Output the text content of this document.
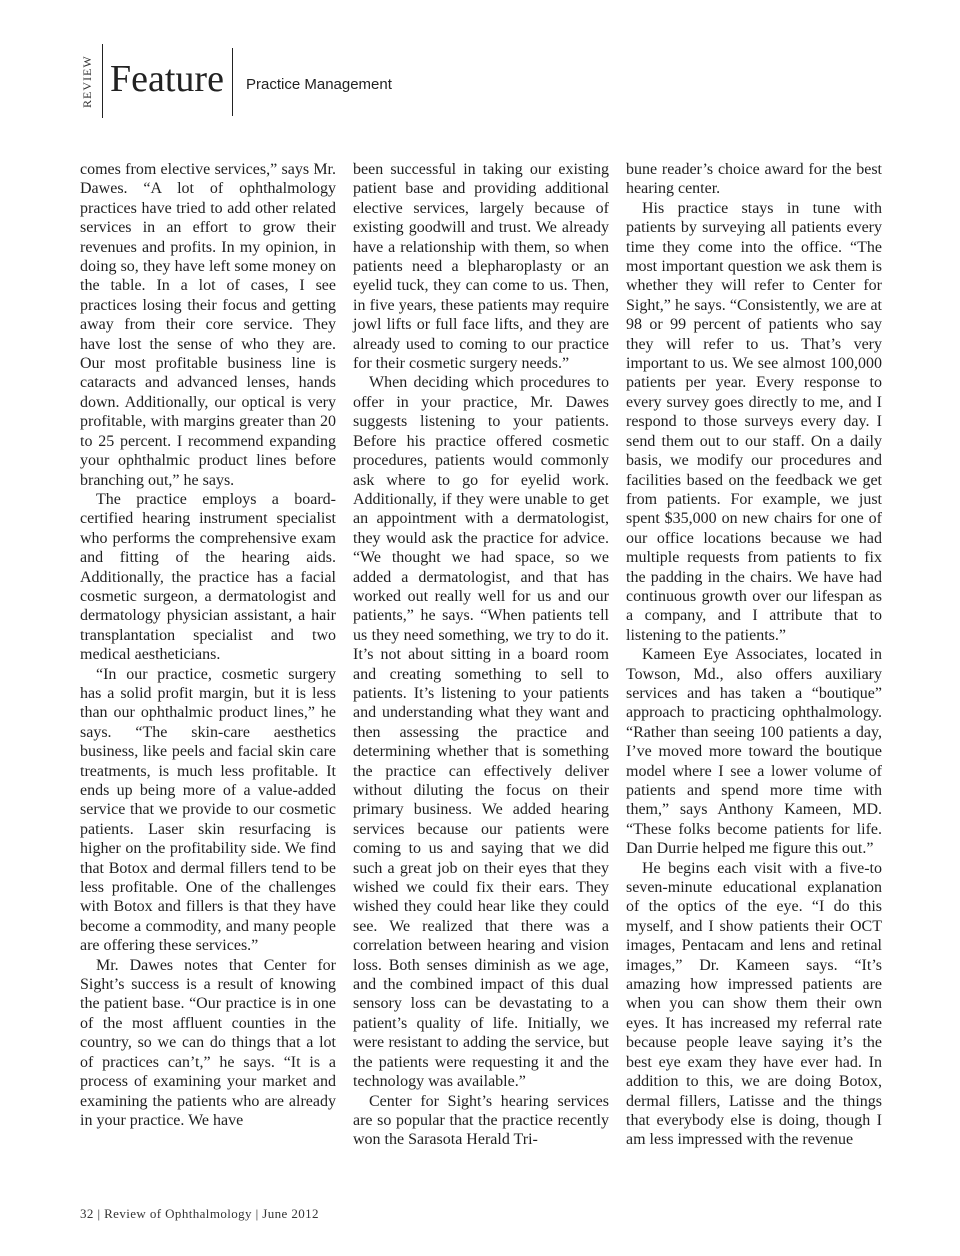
REVIEW Feature Practice Management

comes from elective services,” says Mr. Dawes. “A lot of ophthalmology practices have tried to add other related services in an effort to grow their revenues and profits. In my opinion, in doing so, they have left some money on the table. In a lot of cases, I see practices losing their focus and getting away from their core service. They have lost the sense of who they are. Our most profitable business line is cataracts and advanced lenses, hands down. Additionally, our optical is very profitable, with margins greater than 20 to 25 percent. I recommend expanding your ophthalmic product lines before branching out,” he says.

The practice employs a board-certified hearing instrument specialist who performs the comprehensive exam and fitting of the hearing aids. Additionally, the practice has a facial cosmetic surgeon, a dermatologist and dermatology physician assistant, a hair transplantation specialist and two medical aestheticians.

“In our practice, cosmetic surgery has a solid profit margin, but it is less than our ophthalmic product lines,” he says. “The skin-care aesthetics business, like peels and facial skin care treatments, is much less profitable. It ends up being more of a value-added service that we provide to our cosmetic patients. Laser skin resurfacing is higher on the profitability side. We find that Botox and dermal fillers tend to be less profitable. One of the challenges with Botox and fillers is that they have become a commodity, and many people are offering these services.”

Mr. Dawes notes that Center for Sight’s success is a result of knowing the patient base. “Our practice is in one of the most affluent counties in the country, so we can do things that a lot of practices can’t,” he says. “It is a process of examining your market and examining the patients who are already in your practice. We have

been successful in taking our existing patient base and providing additional elective services, largely because of existing goodwill and trust. We already have a relationship with them, so when patients need a blepharoplasty or an eyelid tuck, they can come to us. Then, in five years, these patients may require jowl lifts or full face lifts, and they are already used to coming to our practice for their cosmetic surgery needs.”

When deciding which procedures to offer in your practice, Mr. Dawes suggests listening to your patients. Before his practice offered cosmetic procedures, patients would commonly ask where to go for eyelid work. Additionally, if they were unable to get an appointment with a dermatologist, they would ask the practice for advice. “We thought we had space, so we added a dermatologist, and that has worked out really well for us and our patients,” he says. “When patients tell us they need something, we try to do it. It’s not about sitting in a board room and creating something to sell to patients. It’s listening to your patients and understanding what they want and then assessing the practice and determining whether that is something the practice can effectively deliver without diluting the focus on their primary business. We added hearing services because our patients were coming to us and saying that we did such a great job on their eyes that they wished we could fix their ears. They wished they could hear like they could see. We realized that there was a correlation between hearing and vision loss. Both senses diminish as we age, and the combined impact of this dual sensory loss can be devastating to a patient’s quality of life. Initially, we were resistant to adding the service, but the patients were requesting it and the technology was available.”

Center for Sight’s hearing services are so popular that the practice recently won the Sarasota Herald Tri-

bune reader’s choice award for the best hearing center.

His practice stays in tune with patients by surveying all patients every time they come into the office. “The most important question we ask them is whether they will refer to Center for Sight,” he says. “Consistently, we are at 98 or 99 percent of patients who say they will refer to us. That’s very important to us. We see almost 100,000 patients per year. Every response to every survey goes directly to me, and I respond to those surveys every day. I send them out to our staff. On a daily basis, we modify our procedures and facilities based on the feedback we get from patients. For example, we just spent $35,000 on new chairs for one of our office locations because we had multiple requests from patients to fix the padding in the chairs. We have had continuous growth over our lifespan as a company, and I attribute that to listening to the patients.”

Kameen Eye Associates, located in Towson, Md., also offers auxiliary services and has taken a “boutique” approach to practicing ophthalmology. “Rather than seeing 100 patients a day, I’ve moved more toward the boutique model where I see a lower volume of patients and spend more time with them,” says Anthony Kameen, MD. “These folks become patients for life. Dan Durrie helped me figure this out.”

He begins each visit with a five-to seven-minute educational explanation of the optics of the eye. “I do this myself, and I show patients their OCT images, Pentacam and lens and retinal images,” Dr. Kameen says. “It’s amazing how impressed patients are when you can show them their own eyes. It has increased my referral rate because people leave saying it’s the best eye exam they have ever had. In addition to this, we are doing Botox, dermal fillers, Latisse and the things that everybody else is doing, though I am less impressed with the revenue

32 | Review of Ophthalmology | June 2012
